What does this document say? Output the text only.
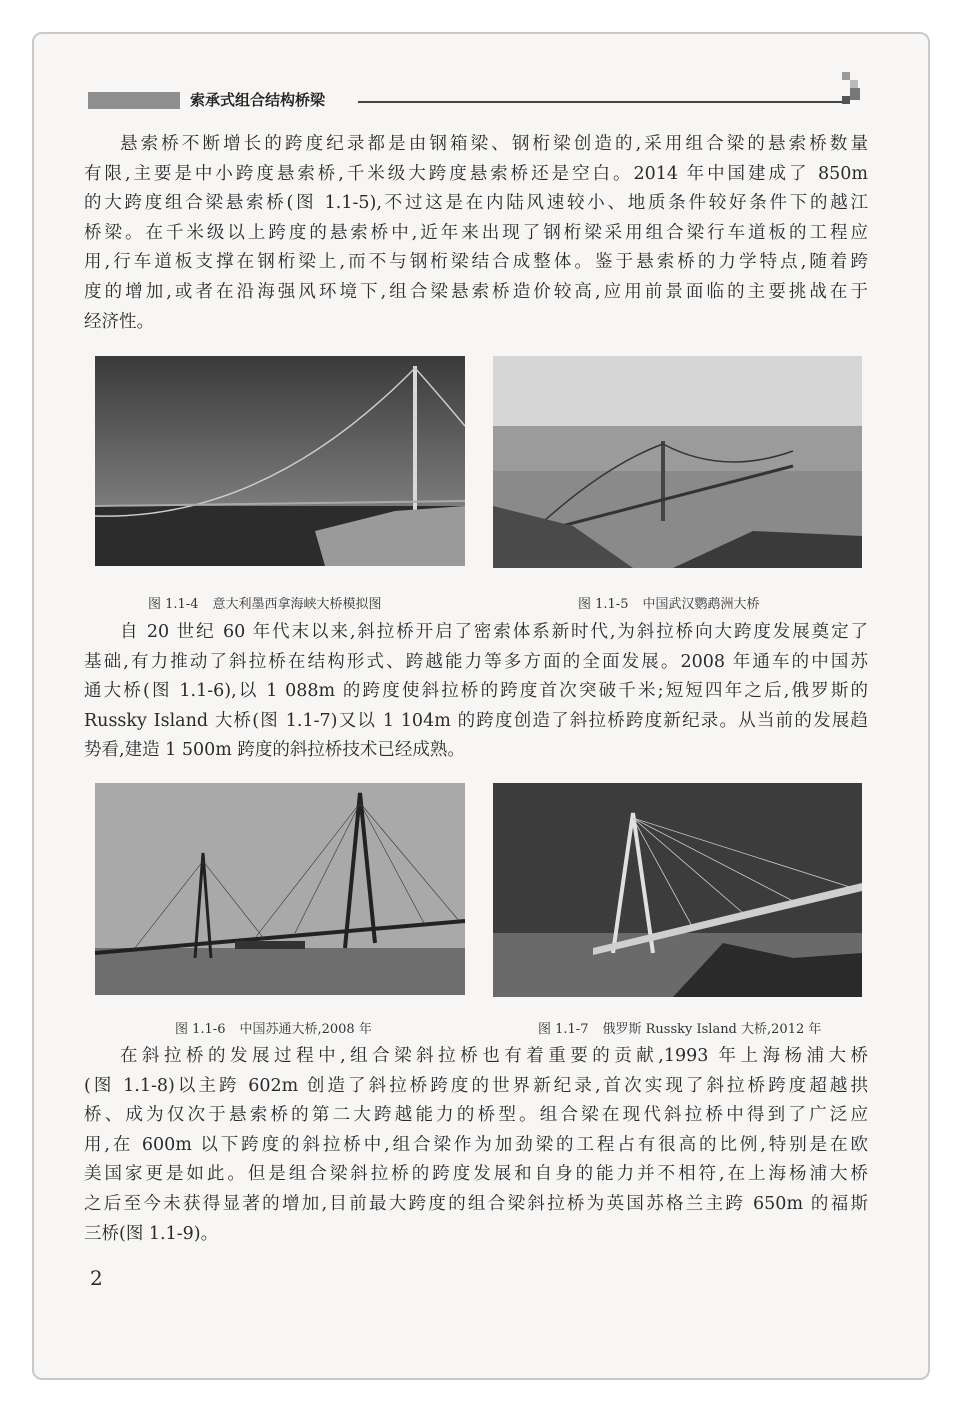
索承式组合结构桥梁
悬索桥不断增长的跨度纪录都是由钢箱梁、钢桁梁创造的,采用组合梁的悬索桥数量
有限,主要是中小跨度悬索桥,千米级大跨度悬索桥还是空白。2014 年中国建成了 850m
的大跨度组合梁悬索桥(图 1.1-5),不过这是在内陆风速较小、地质条件较好条件下的越江
桥梁。在千米级以上跨度的悬索桥中,近年来出现了钢桁梁采用组合梁行车道板的工程应
用,行车道板支撑在钢桁梁上,而不与钢桁梁结合成整体。鉴于悬索桥的力学特点,随着跨
度的增加,或者在沿海强风环境下,组合梁悬索桥造价较高,应用前景面临的主要挑战在于
经济性。
图 1.1-4 意大利墨西拿海峡大桥模拟图	图 1.1-5 中国武汉鹦鹉洲大桥
自 20 世纪 60 年代末以来,斜拉桥开启了密索体系新时代,为斜拉桥向大跨度发展奠定了
基础,有力推动了斜拉桥在结构形式、跨越能力等多方面的全面发展。2008 年通车的中国苏
通大桥(图 1.1-6),以 1 088m 的跨度使斜拉桥的跨度首次突破千米;短短四年之后,俄罗斯的
Russky Island 大桥(图 1.1-7)又以 1 104m 的跨度创造了斜拉桥跨度新纪录。从当前的发展趋
势看,建造 1 500m 跨度的斜拉桥技术已经成熟。
图 1.1-6 中国苏通大桥,2008 年	图 1.1-7 俄罗斯 Russky Island 大桥,2012 年
在斜拉桥的发展过程中,组合梁斜拉桥也有着重要的贡献,1993 年上海杨浦大桥
(图 1.1-8)以主跨 602m 创造了斜拉桥跨度的世界新纪录,首次实现了斜拉桥跨度超越拱
桥、成为仅次于悬索桥的第二大跨越能力的桥型。组合梁在现代斜拉桥中得到了广泛应
用,在 600m 以下跨度的斜拉桥中,组合梁作为加劲梁的工程占有很高的比例,特别是在欧
美国家更是如此。但是组合梁斜拉桥的跨度发展和自身的能力并不相符,在上海杨浦大桥
之后至今未获得显著的增加,目前最大跨度的组合梁斜拉桥为英国苏格兰主跨 650m 的福斯
三桥(图 1.1-9)。
2
